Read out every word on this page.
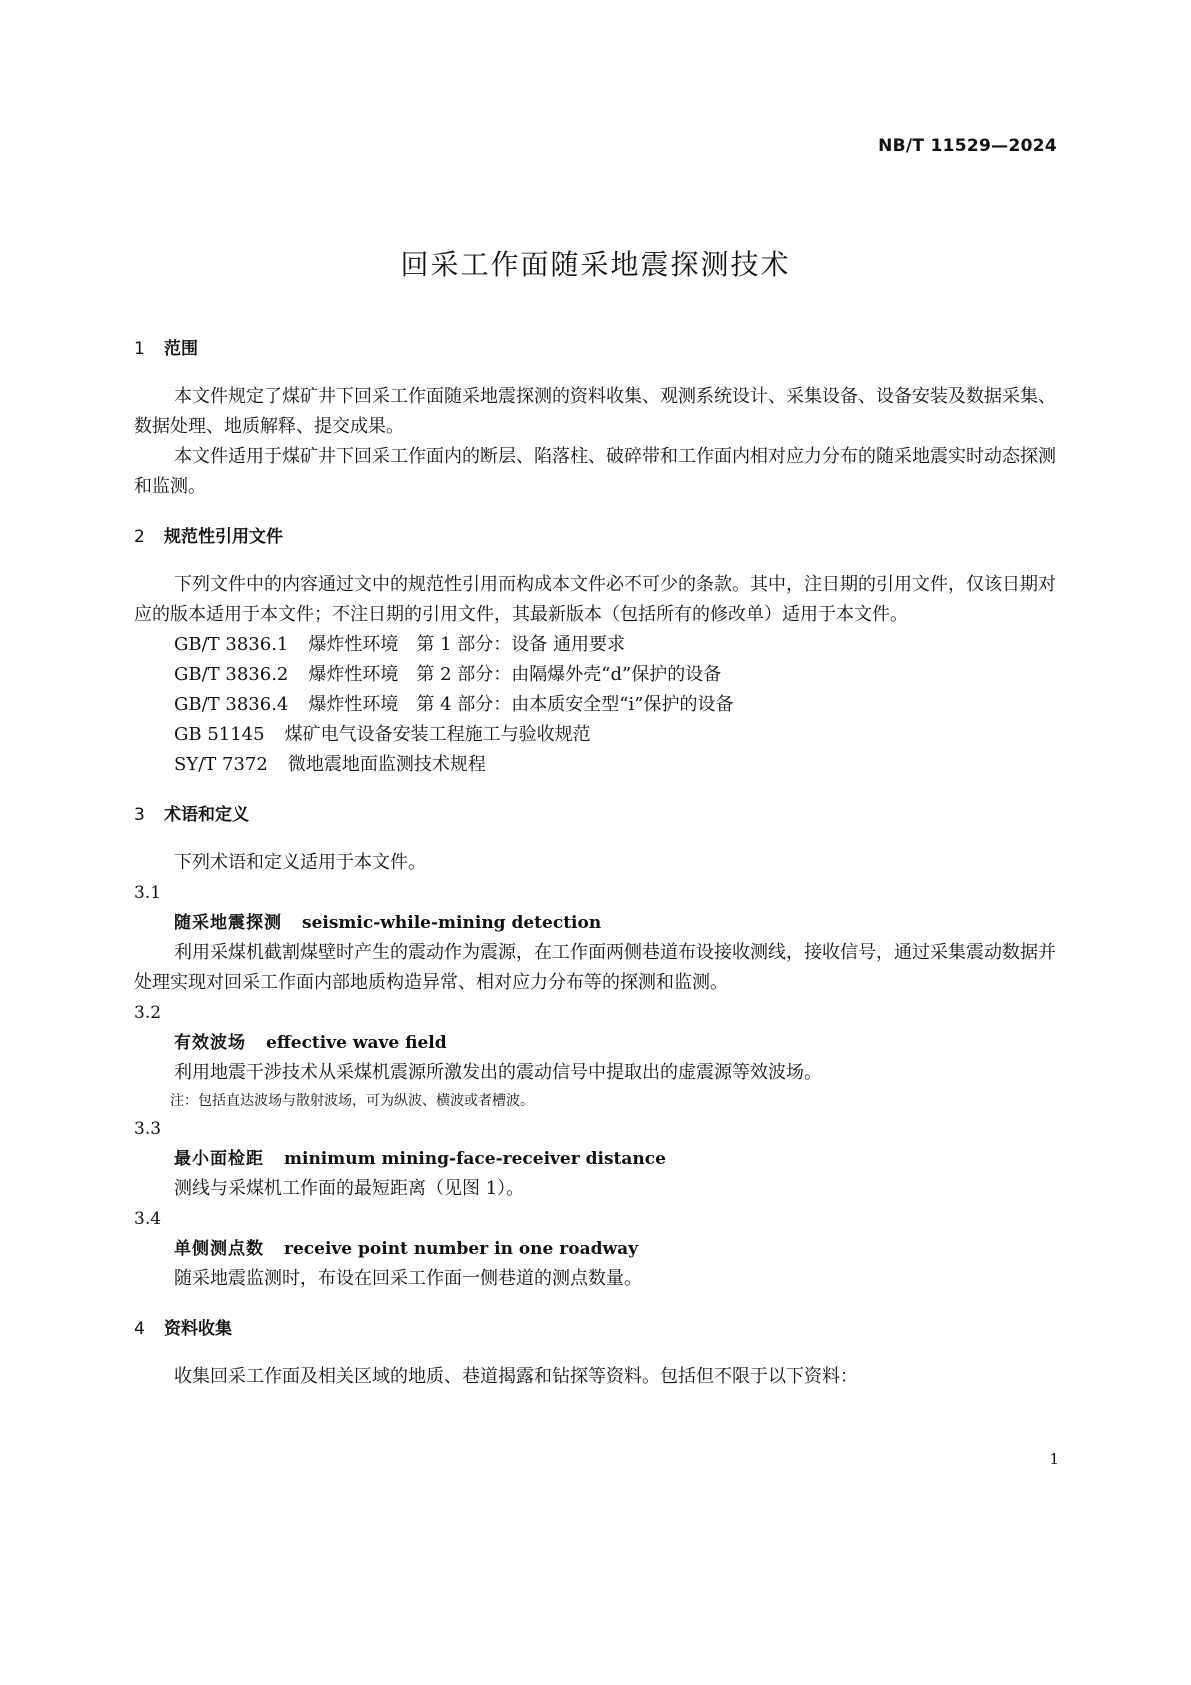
NB/T 11529—2024
回采工作面随采地震探测技术
1 范围

本文件规定了煤矿井下回采工作面随采地震探测的资料收集、观测系统设计、采集设备、设备安装及数据采集、数据处理、地质解释、提交成果。

本文件适用于煤矿井下回采工作面内的断层、陷落柱、破碎带和工作面内相对应力分布的随采地震实时动态探测和监测。

2 规范性引用文件

下列文件中的内容通过文中的规范性引用而构成本文件必不可少的条款。其中，注日期的引用文件，仅该日期对应的版本适用于本文件；不注日期的引用文件，其最新版本（包括所有的修改单）适用于本文件。

GB/T 3836.1 爆炸性环境　第 1 部分：设备 通用要求
GB/T 3836.2 爆炸性环境　第 2 部分：由隔爆外壳“d”保护的设备
GB/T 3836.4 爆炸性环境　第 4 部分：由本质安全型“i”保护的设备
GB 51145 煤矿电气设备安装工程施工与验收规范
SY/T 7372 微地震地面监测技术规程
3 术语和定义

下列术语和定义适用于本文件。

3.1
随采地震探测 seismic-while-mining detection

利用采煤机截割煤壁时产生的震动作为震源，在工作面两侧巷道布设接收测线，接收信号，通过采集震动数据并处理实现对回采工作面内部地质构造异常、相对应力分布等的探测和监测。

3.2
有效波场 effective wave field

利用地震干涉技术从采煤机震源所激发出的震动信号中提取出的虚震源等效波场。

注：包括直达波场与散射波场，可为纵波、横波或者槽波。

3.3
最小面检距 minimum mining-face-receiver distance

测线与采煤机工作面的最短距离（见图 1）。

3.4
单侧测点数 receive point number in one roadway

随采地震监测时，布设在回采工作面一侧巷道的测点数量。

4 资料收集

收集回采工作面及相关区域的地质、巷道揭露和钻探等资料。包括但不限于以下资料：

1
